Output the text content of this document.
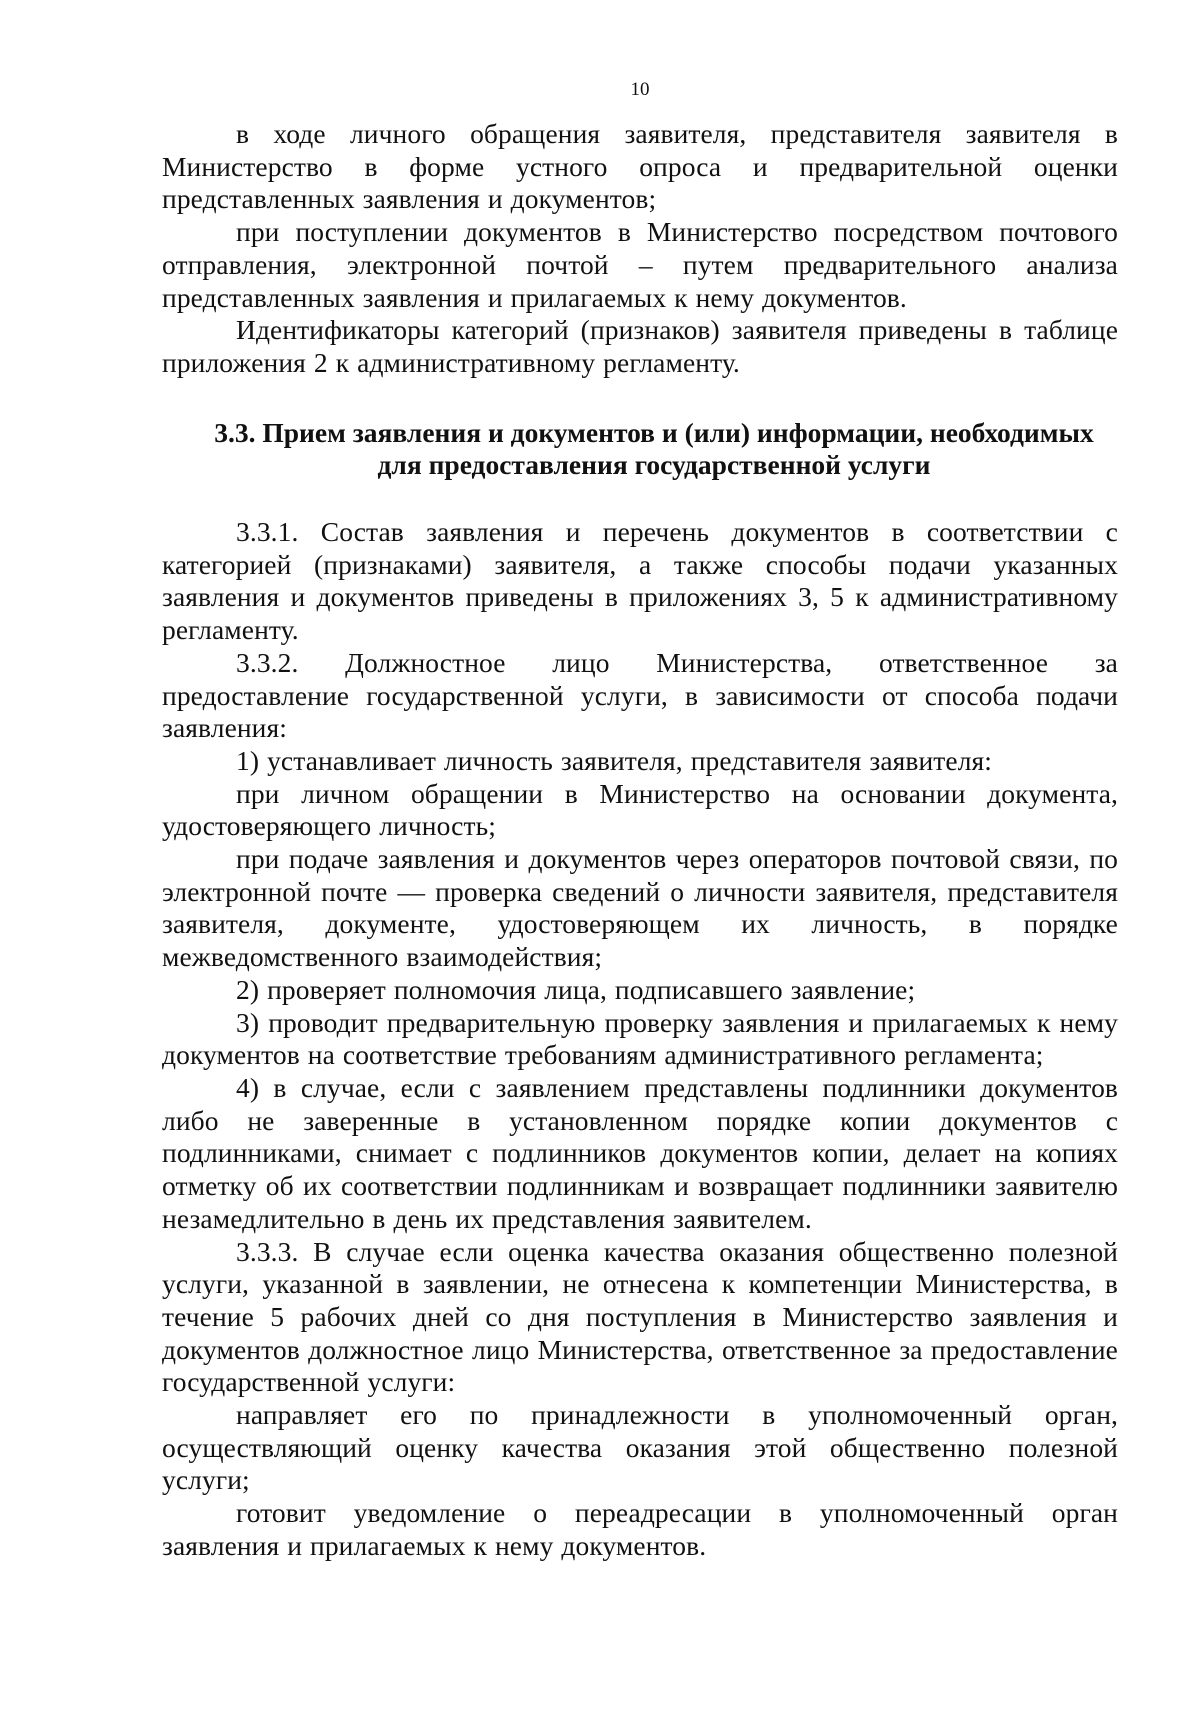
10

в ходе личного обращения заявителя, представителя заявителя в Министерство в форме устного опроса и предварительной оценки представленных заявления и документов;

при поступлении документов в Министерство посредством почтового отправления, электронной почтой – путем предварительного анализа представленных заявления и прилагаемых к нему документов.

Идентификаторы категорий (признаков) заявителя приведены в таблице приложения 2 к административному регламенту.

3.3. Прием заявления и документов и (или) информации, необходимых
для предоставления государственной услуги

3.3.1. Состав заявления и перечень документов в соответствии с категорией (признаками) заявителя, а также способы подачи указанных заявления и документов приведены в приложениях 3, 5 к административному регламенту.

3.3.2. Должностное лицо Министерства, ответственное за предоставление государственной услуги, в зависимости от способа подачи заявления:

1) устанавливает личность заявителя, представителя заявителя:

при личном обращении в Министерство на основании документа, удостоверяющего личность;

при подаче заявления и документов через операторов почтовой связи, по электронной почте — проверка сведений о личности заявителя, представителя заявителя, документе, удостоверяющем их личность, в порядке межведомственного взаимодействия;

2) проверяет полномочия лица, подписавшего заявление;

3) проводит предварительную проверку заявления и прилагаемых к нему документов на соответствие требованиям административного регламента;

4) в случае, если с заявлением представлены подлинники документов либо не заверенные в установленном порядке копии документов с подлинниками, снимает с подлинников документов копии, делает на копиях отметку об их соответствии подлинникам и возвращает подлинники заявителю незамедлительно в день их представления заявителем.

3.3.3. В случае если оценка качества оказания общественно полезной услуги, указанной в заявлении, не отнесена к компетенции Министерства, в течение 5 рабочих дней со дня поступления в Министерство заявления и документов должностное лицо Министерства, ответственное за предоставление государственной услуги:

направляет его по принадлежности в уполномоченный орган, осуществляющий оценку качества оказания этой общественно полезной услуги;

готовит уведомление о переадресации в уполномоченный орган заявления и прилагаемых к нему документов.
